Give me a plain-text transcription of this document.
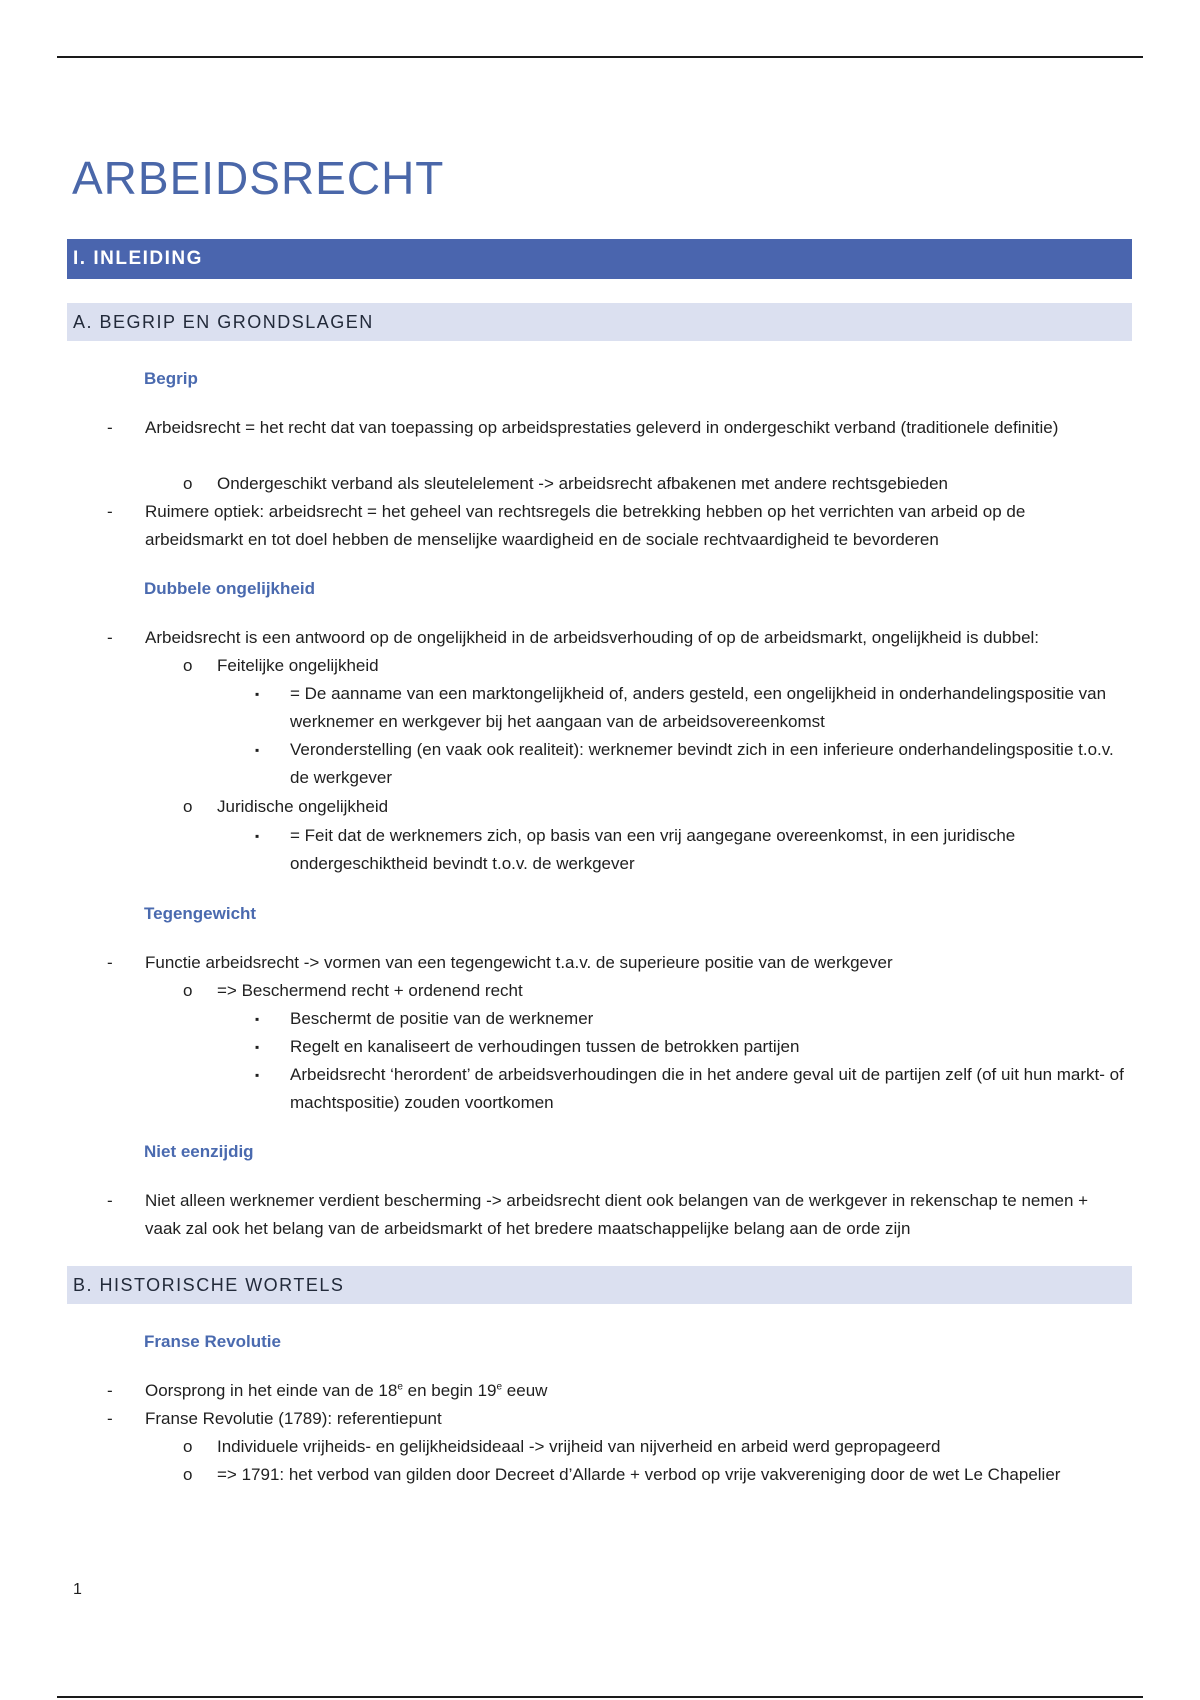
ARBEIDSRECHT
I. INLEIDING
A. BEGRIP EN GRONDSLAGEN
Begrip
- Arbeidsrecht = het recht dat van toepassing op arbeidsprestaties geleverd in ondergeschikt verband (traditionele definitie)
o Ondergeschikt verband als sleutelelement -> arbeidsrecht afbakenen met andere rechtsgebieden
- Ruimere optiek: arbeidsrecht = het geheel van rechtsregels die betrekking hebben op het verrichten van arbeid op de arbeidsmarkt en tot doel hebben de menselijke waardigheid en de sociale rechtvaardigheid te bevorderen
Dubbele ongelijkheid
- Arbeidsrecht is een antwoord op de ongelijkheid in de arbeidsverhouding of op de arbeidsmarkt, ongelijkheid is dubbel:
o Feitelijke ongelijkheid
▪ = De aanname van een marktongelijkheid of, anders gesteld, een ongelijkheid in onderhandelingspositie van werknemer en werkgever bij het aangaan van de arbeidsovereenkomst
▪ Veronderstelling (en vaak ook realiteit): werknemer bevindt zich in een inferieure onderhandelingspositie t.o.v. de werkgever
o Juridische ongelijkheid
▪ = Feit dat de werknemers zich, op basis van een vrij aangegane overeenkomst, in een juridische ondergeschiktheid bevindt t.o.v. de werkgever
Tegengewicht
- Functie arbeidsrecht -> vormen van een tegengewicht t.a.v. de superieure positie van de werkgever
o => Beschermend recht + ordenend recht
▪ Beschermt de positie van de werknemer
▪ Regelt en kanaliseert de verhoudingen tussen de betrokken partijen
▪ Arbeidsrecht ‘herordent’ de arbeidsverhoudingen die in het andere geval uit de partijen zelf (of uit hun markt- of machtspositie) zouden voortkomen
Niet eenzijdig
- Niet alleen werknemer verdient bescherming -> arbeidsrecht dient ook belangen van de werkgever in rekenschap te nemen + vaak zal ook het belang van de arbeidsmarkt of het bredere maatschappelijke belang aan de orde zijn
B. HISTORISCHE WORTELS
Franse Revolutie
- Oorsprong in het einde van de 18e en begin 19e eeuw
- Franse Revolutie (1789): referentiepunt
o Individuele vrijheids- en gelijkheidsideaal -> vrijheid van nijverheid en arbeid werd gepropageerd
o => 1791: het verbod van gilden door Decreet d’Allarde + verbod op vrije vakvereniging door de wet Le Chapelier
1
